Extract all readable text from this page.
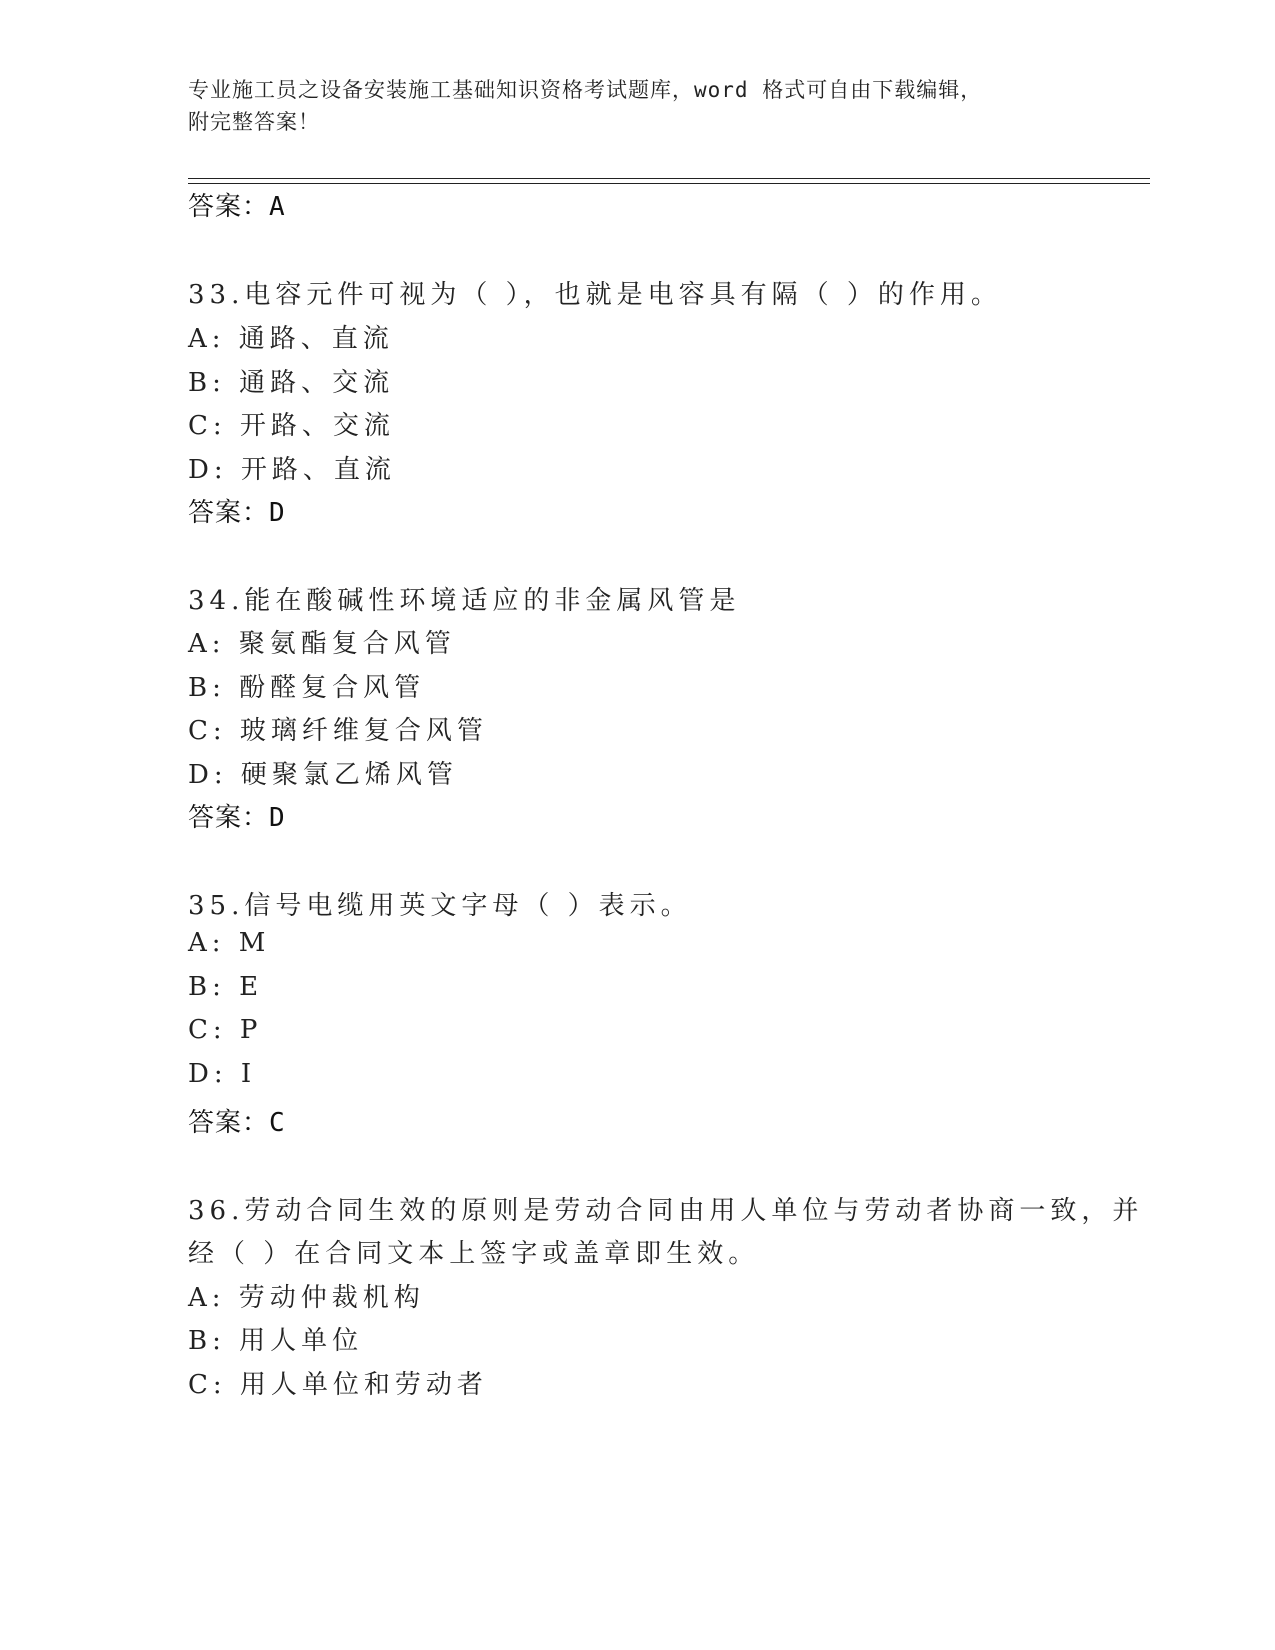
专业施工员之设备安装施工基础知识资格考试题库，word 格式可自由下载编辑，
附完整答案！
答案：A
33.电容元件可视为（ ），也就是电容具有隔（ ）的作用。
A: 通路、直流
B: 通路、交流
C: 开路、交流
D: 开路、直流
答案：D
34.能在酸碱性环境适应的非金属风管是
A: 聚氨酯复合风管
B: 酚醛复合风管
C: 玻璃纤维复合风管
D: 硬聚氯乙烯风管
答案：D
35.信号电缆用英文字母（ ）表示。
A: M
B: E
C: P
D: I
答案：C
36.劳动合同生效的原则是劳动合同由用人单位与劳动者协商一致，并
经（ ）在合同文本上签字或盖章即生效。
A: 劳动仲裁机构
B: 用人单位
C: 用人单位和劳动者
